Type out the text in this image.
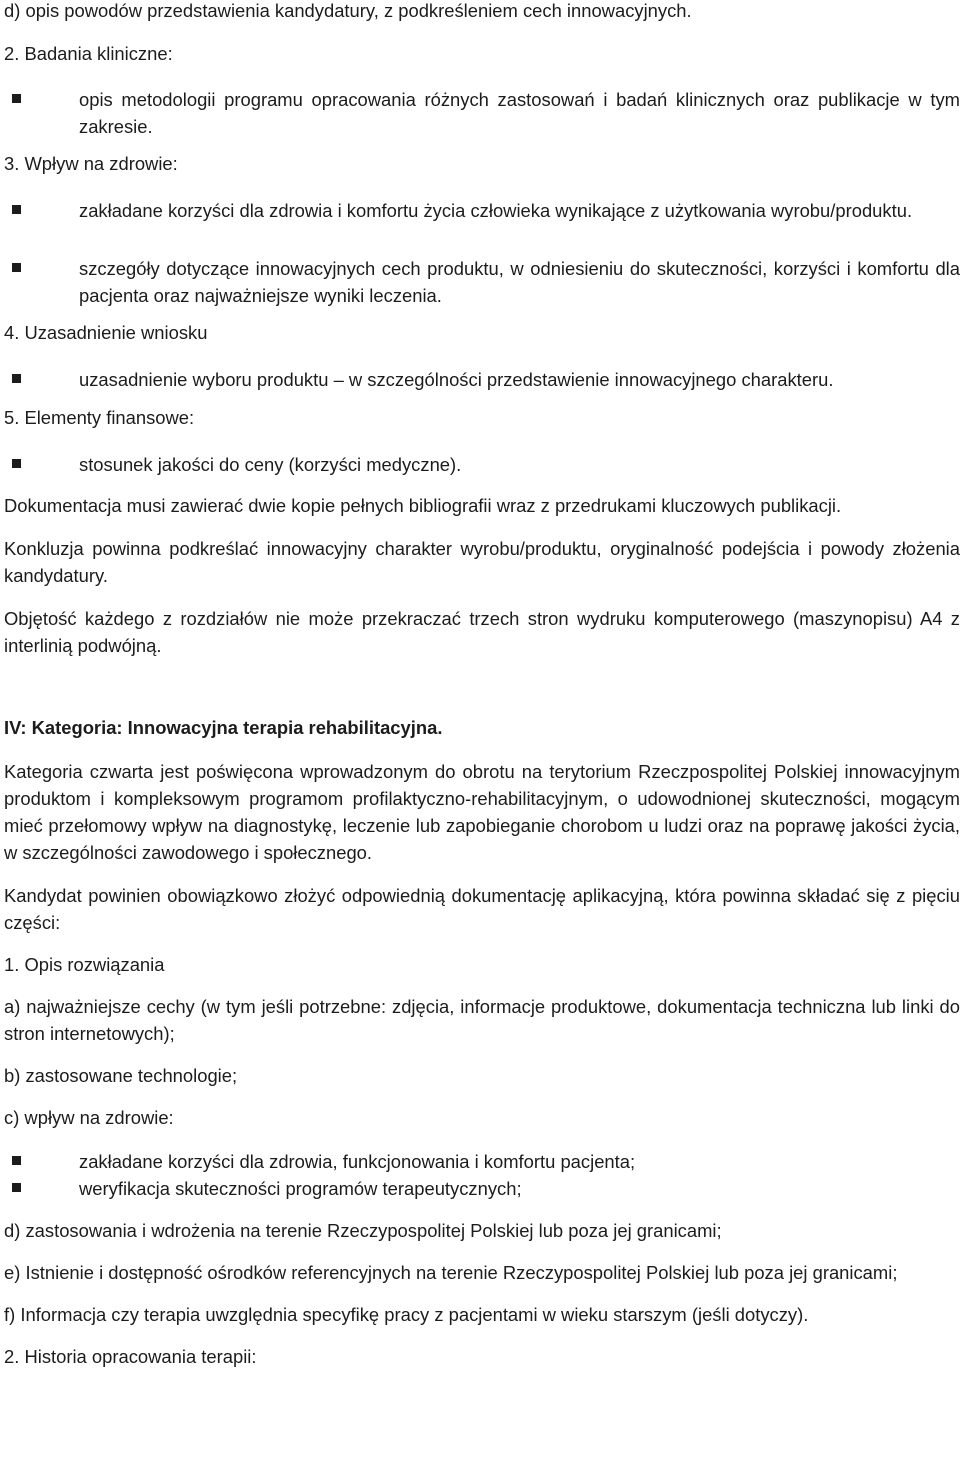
d) opis powodów przedstawienia kandydatury, z podkreśleniem cech innowacyjnych.

2. Badania kliniczne:

opis metodologii programu opracowania różnych zastosowań i badań klinicznych oraz publikacje w tym zakresie.

3. Wpływ na zdrowie:

zakładane korzyści dla zdrowia i komfortu życia człowieka wynikające z użytkowania wyrobu/produktu.
szczegóły dotyczące innowacyjnych cech produktu, w odniesieniu do skuteczności, korzyści i komfortu dla pacjenta oraz najważniejsze wyniki leczenia.

4. Uzasadnienie wniosku

uzasadnienie wyboru produktu – w szczególności przedstawienie innowacyjnego charakteru.

5. Elementy finansowe:

stosunek jakości do ceny (korzyści medyczne).

Dokumentacja musi zawierać dwie kopie pełnych bibliografii wraz z przedrukami kluczowych publikacji.

Konkluzja powinna podkreślać innowacyjny charakter wyrobu/produktu, oryginalność podejścia i powody złożenia kandydatury.

Objętość każdego z rozdziałów nie może przekraczać trzech stron wydruku komputerowego (maszynopisu) A4 z interlinią podwójną.

IV: Kategoria: Innowacyjna terapia rehabilitacyjna.

Kategoria czwarta jest poświęcona wprowadzonym do obrotu na terytorium Rzeczpospolitej Polskiej innowacyjnym produktom i kompleksowym programom profilaktyczno-rehabilitacyjnym, o udowodnionej skuteczności, mogącym mieć przełomowy wpływ na diagnostykę, leczenie lub zapobieganie chorobom u ludzi oraz na poprawę jakości życia, w szczególności zawodowego i społecznego.

Kandydat powinien obowiązkowo złożyć odpowiednią dokumentację aplikacyjną, która powinna składać się z pięciu części:

1. Opis rozwiązania

a) najważniejsze cechy (w tym jeśli potrzebne: zdjęcia, informacje produktowe, dokumentacja techniczna lub linki do stron internetowych);

b) zastosowane technologie;

c) wpływ na zdrowie:

zakładane korzyści dla zdrowia, funkcjonowania i komfortu pacjenta;
weryfikacja skuteczności programów terapeutycznych;

d) zastosowania i wdrożenia na terenie Rzeczypospolitej Polskiej lub poza jej granicami;

e) Istnienie i dostępność ośrodków referencyjnych na terenie Rzeczypospolitej Polskiej lub poza jej granicami;

f) Informacja czy terapia uwzględnia specyfikę pracy z pacjentami w wieku starszym (jeśli dotyczy).

2. Historia opracowania terapii:
